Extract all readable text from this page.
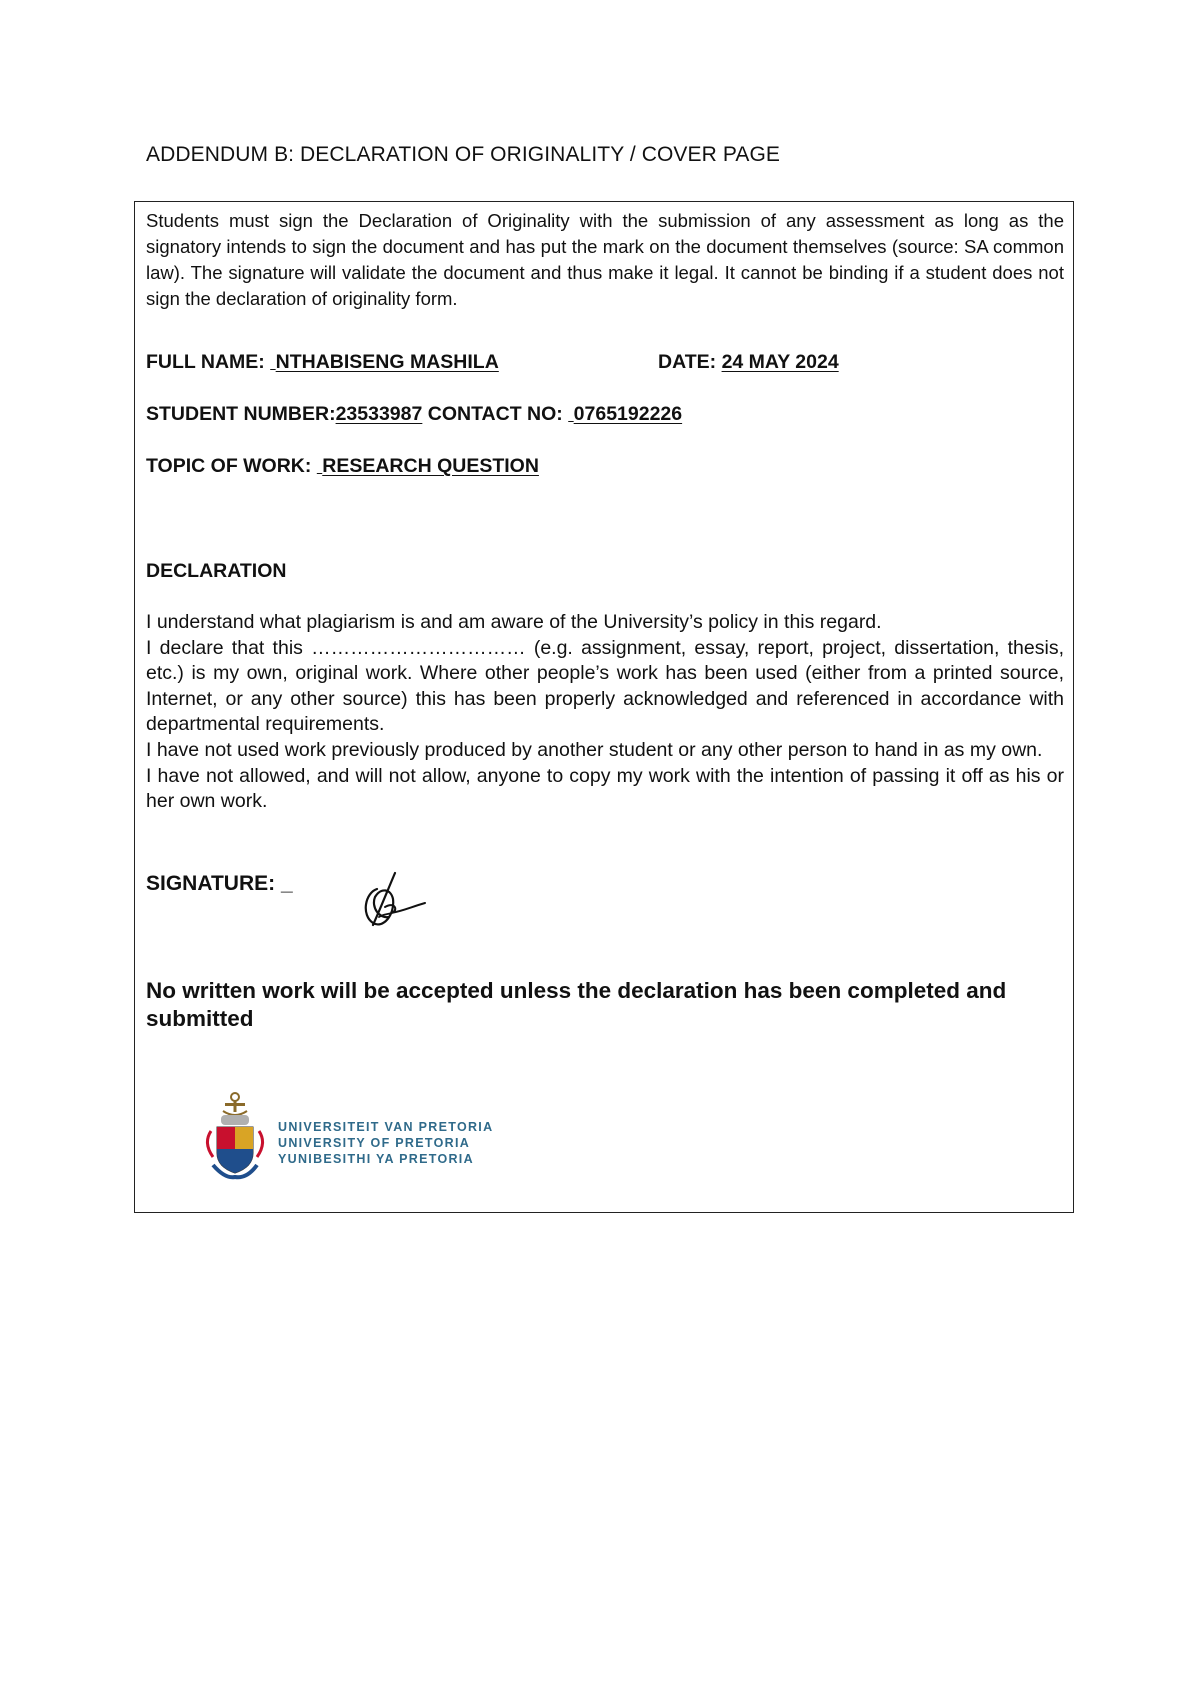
ADDENDUM B: DECLARATION OF ORIGINALITY / COVER PAGE

Students must sign the Declaration of Originality with the submission of any assessment as long as the signatory intends to sign the document and has put the mark on the document themselves (source: SA common law). The signature will validate the document and thus make it legal. It cannot be binding if a student does not sign the declaration of originality form.

FULL NAME: NTHABISENG MASHILA	DATE: 24 MAY 2024
STUDENT NUMBER:23533987 CONTACT NO: 0765192226
TOPIC OF WORK: RESEARCH QUESTION
DECLARATION

I understand what plagiarism is and am aware of the University’s policy in this regard.

I declare that this …………………………… (e.g. assignment, essay, report, project, dissertation, thesis, etc.) is my own, original work. Where other people’s work has been used (either from a printed source, Internet, or any other source) this has been properly acknowledged and referenced in accordance with departmental requirements.

I have not used work previously produced by another student or any other person to hand in as my own.

I have not allowed, and will not allow, anyone to copy my work with the intention of passing it off as his or her own work.

SIGNATURE: _

No written work will be accepted unless the declaration has been completed and submitted

UNIVERSITEIT VAN PRETORIA
UNIVERSITY OF PRETORIA
YUNIBESITHI YA PRETORIA
